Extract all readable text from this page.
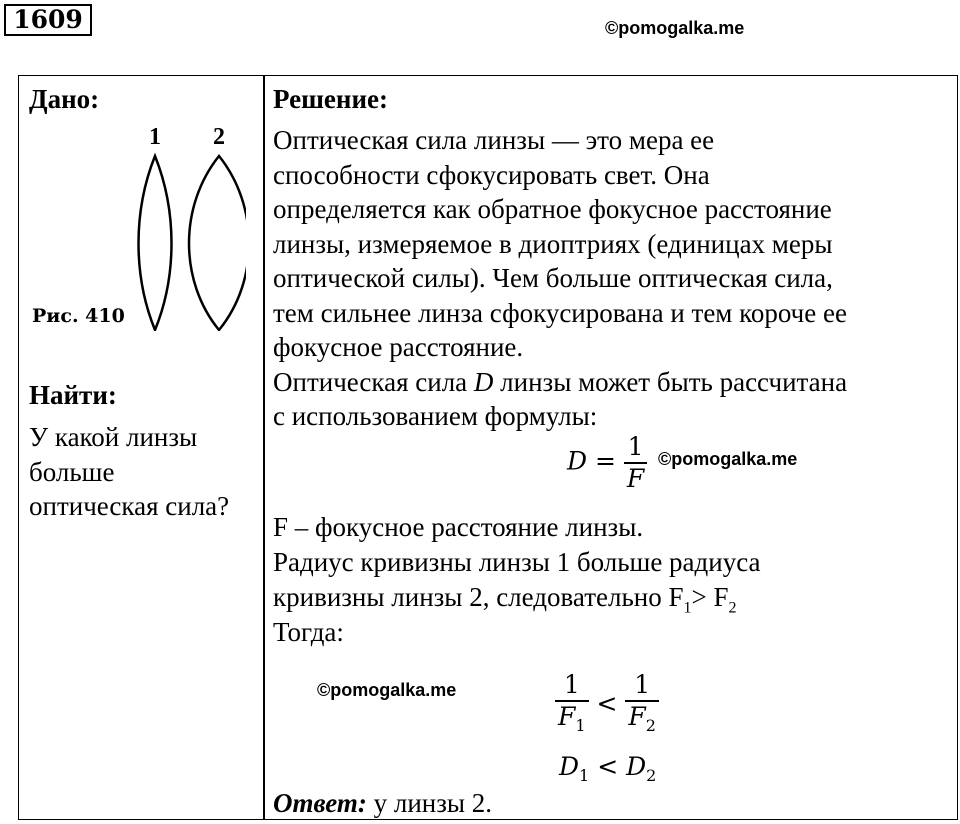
1609	©pomogalka.me
Дано:
1 2
Рис. 410
Найти:
У какой линзы больше оптическая сила?
Решение:
Оптическая сила линзы — это мера ее
способности сфокусировать свет. Она
определяется как обратное фокусное расстояние
линзы, измеряемое в диоптриях (единицах меры
оптической силы). Чем больше оптическая сила,
тем сильнее линза сфокусирована и тем короче ее
фокусное расстояние.
Оптическая сила D линзы может быть рассчитана
с использованием формулы:
$D = \frac{1}{F}$ ©pomogalka.me
F – фокусное расстояние линзы.
Радиус кривизны линзы 1 больше радиуса
кривизны линзы 2, следовательно $F_1> F_2$
Тогда:
©pomogalka.me	$\frac{1}{F_1} < \frac{1}{F_2}$
$D_1 < D_2$
Ответ: у линзы 2.
